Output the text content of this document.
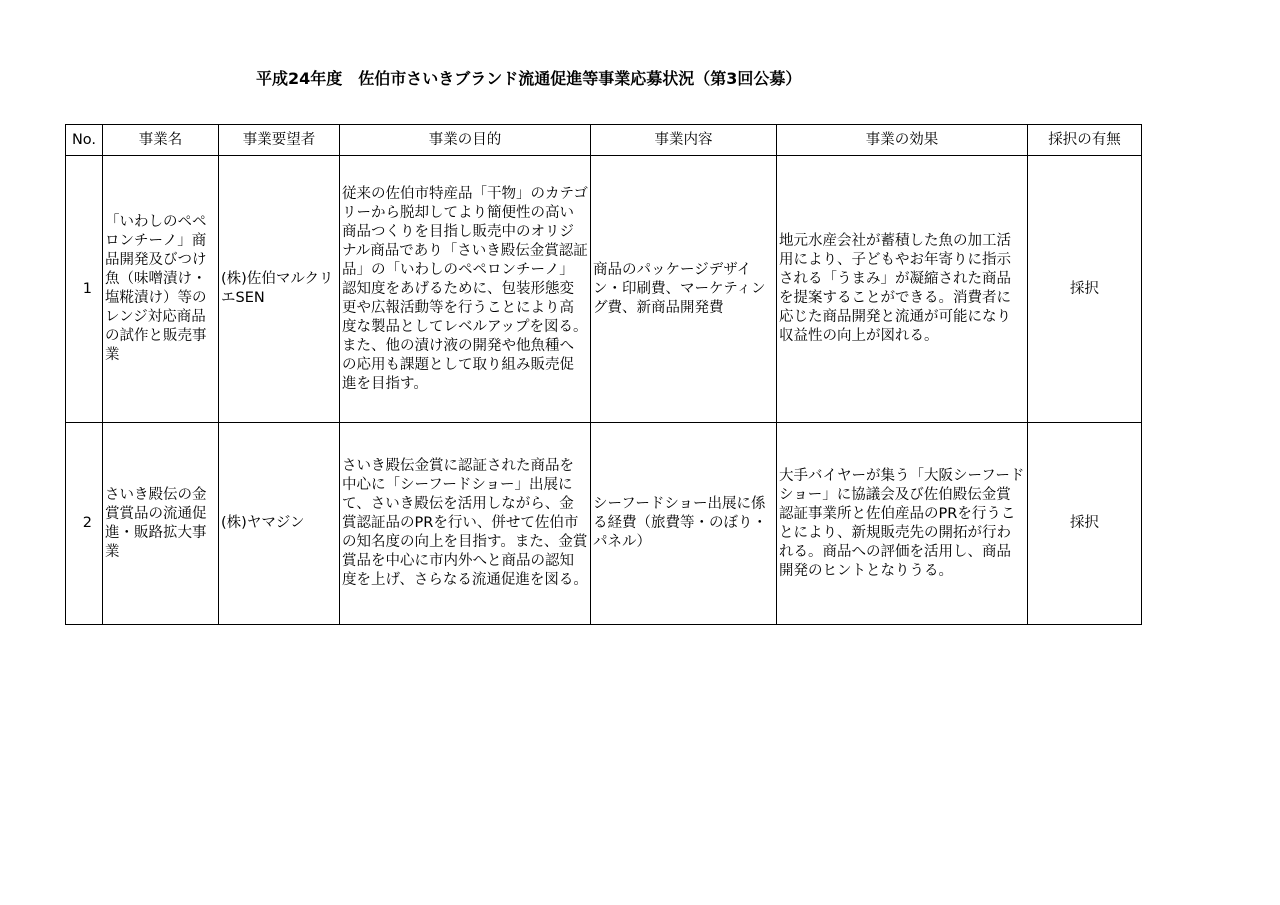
平成24年度　佐伯市さいきブランド流通促進等事業応募状況（第3回公募）
No.	事業名	事業要望者	事業の目的	事業内容	事業の効果	採択の有無
1	「いわしのペペロンチーノ」商品開発及びつけ魚（味噌漬け・塩糀漬け）等のレンジ対応商品の試作と販売事業	(株)佐伯マルクリエSEN	従来の佐伯市特産品「干物」のカテゴリーから脱却してより簡便性の高い商品つくりを目指し販売中のオリジナル商品であり「さいき殿伝金賞認証品」の「いわしのペペロンチーノ」認知度をあげるために、包装形態変更や広報活動等を行うことにより高度な製品としてレベルアップを図る。また、他の漬け液の開発や他魚種への応用も課題として取り組み販売促進を目指す。	商品のパッケージデザイン・印刷費、マーケティング費、新商品開発費	地元水産会社が蓄積した魚の加工活用により、子どもやお年寄りに指示される「うまみ」が凝縮された商品を提案することができる。消費者に応じた商品開発と流通が可能になり収益性の向上が図れる。	採択
2	さいき殿伝の金賞賞品の流通促進・販路拡大事業	(株)ヤマジン	さいき殿伝金賞に認証された商品を中心に「シーフードショー」出展にて、さいき殿伝を活用しながら、金賞認証品のPRを行い、併せて佐伯市の知名度の向上を目指す。また、金賞賞品を中心に市内外へと商品の認知度を上げ、さらなる流通促進を図る。	シーフードショー出展に係る経費（旅費等・のぼり・パネル）	大手バイヤーが集う「大阪シーフードショー」に協議会及び佐伯殿伝金賞認証事業所と佐伯産品のPRを行うことにより、新規販売先の開拓が行われる。商品への評価を活用し、商品開発のヒントとなりうる。	採択
